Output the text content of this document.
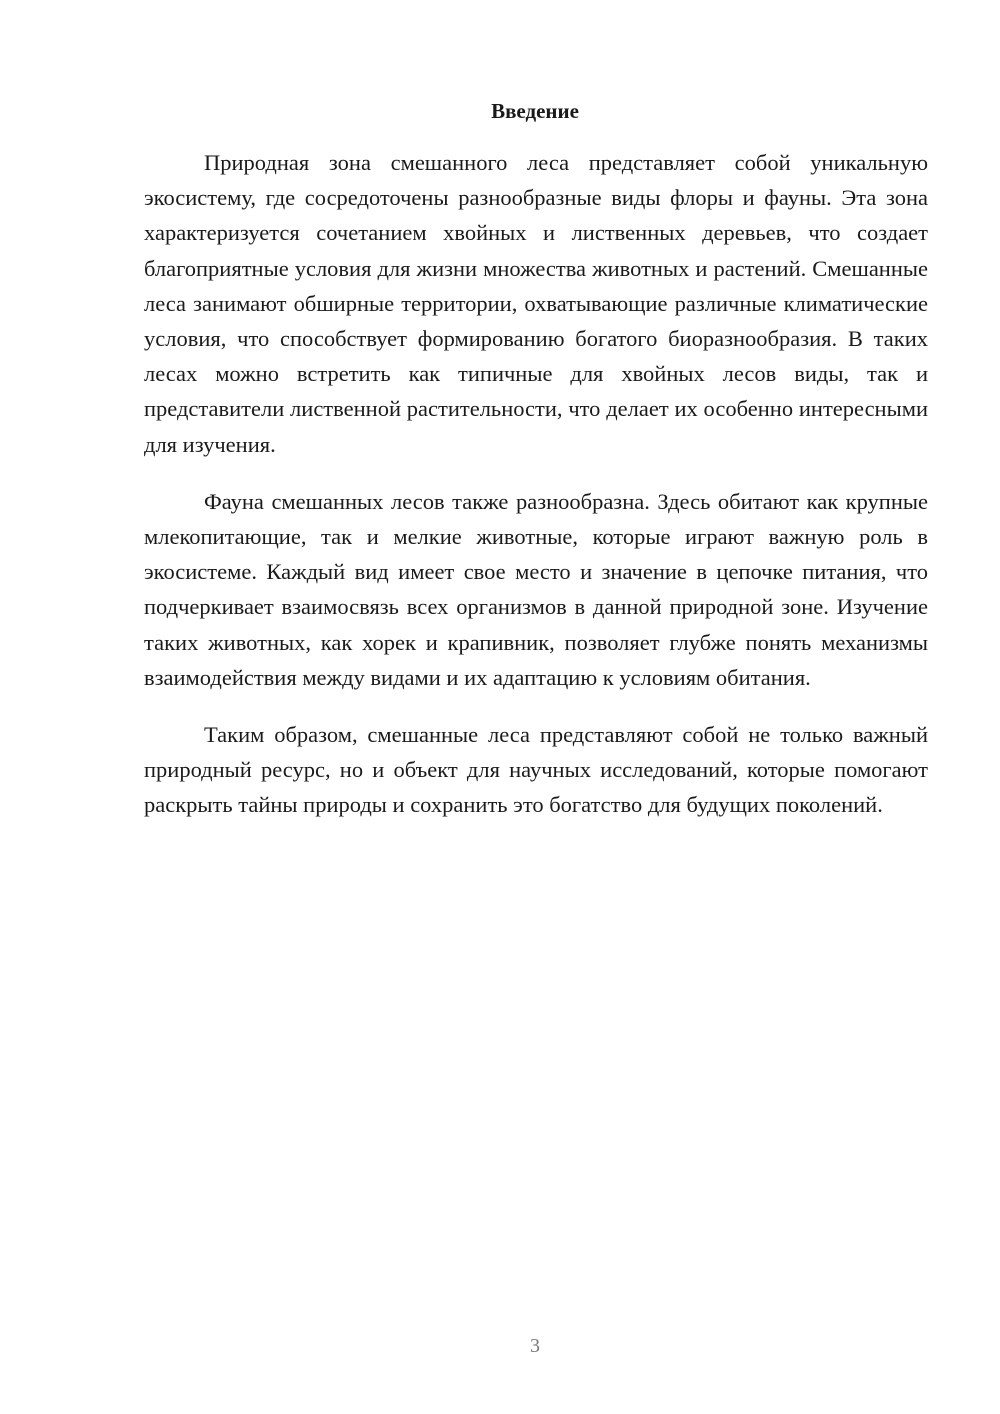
Введение

Природная зона смешанного леса представляет собой уникальную экосистему, где сосредоточены разнообразные виды флоры и фауны. Эта зона характеризуется сочетанием хвойных и лиственных деревьев, что создает благоприятные условия для жизни множества животных и растений. Смешанные леса занимают обширные территории, охватывающие различные климатические условия, что способствует формированию богатого биоразнообразия. В таких лесах можно встретить как типичные для хвойных лесов виды, так и представители лиственной растительности, что делает их особенно интересными для изучения.

Фауна смешанных лесов также разнообразна. Здесь обитают как крупные млекопитающие, так и мелкие животные, которые играют важную роль в экосистеме. Каждый вид имеет свое место и значение в цепочке питания, что подчеркивает взаимосвязь всех организмов в данной природной зоне. Изучение таких животных, как хорек и крапивник, позволяет глубже понять механизмы взаимодействия между видами и их адаптацию к условиям обитания.

Таким образом, смешанные леса представляют собой не только важный природный ресурс, но и объект для научных исследований, которые помогают раскрыть тайны природы и сохранить это богатство для будущих поколений.

3
